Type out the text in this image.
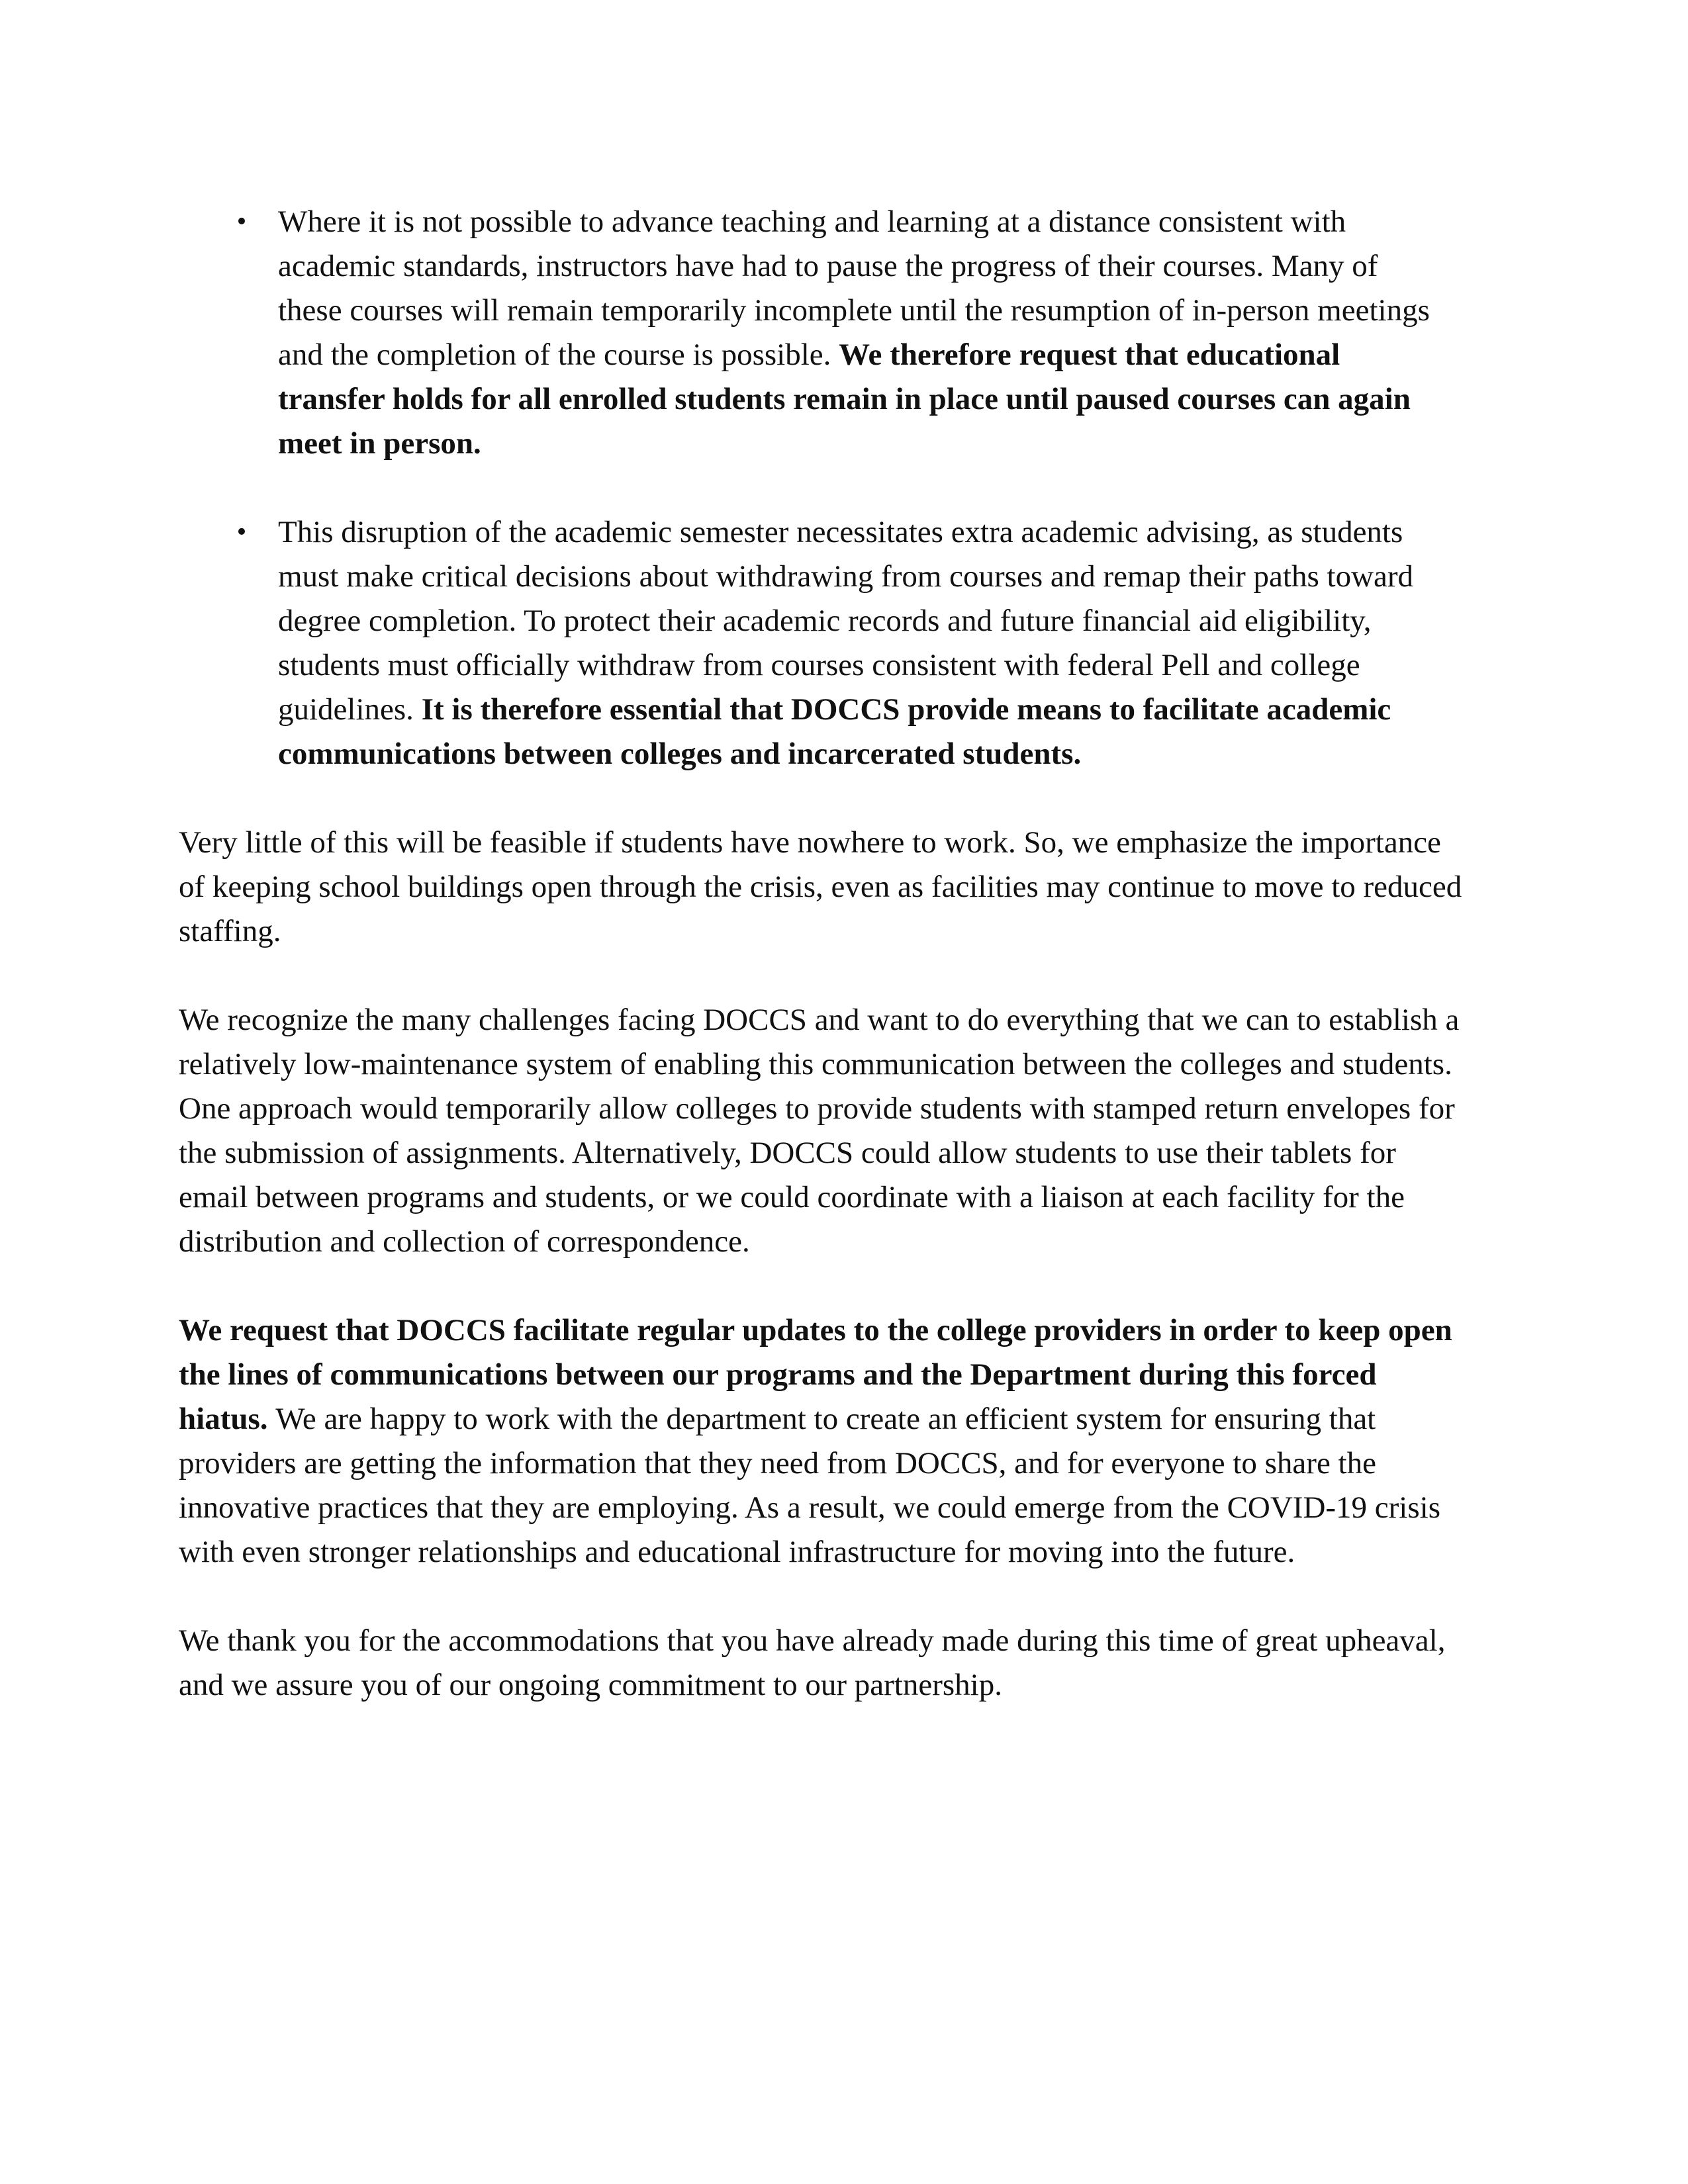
• Where it is not possible to advance teaching and learning at a distance consistent with academic standards, instructors have had to pause the progress of their courses. Many of these courses will remain temporarily incomplete until the resumption of in-person meetings and the completion of the course is possible. We therefore request that educational transfer holds for all enrolled students remain in place until paused courses can again meet in person.
• This disruption of the academic semester necessitates extra academic advising, as students must make critical decisions about withdrawing from courses and remap their paths toward degree completion. To protect their academic records and future financial aid eligibility, students must officially withdraw from courses consistent with federal Pell and college guidelines. It is therefore essential that DOCCS provide means to facilitate academic communications between colleges and incarcerated students.

Very little of this will be feasible if students have nowhere to work. So, we emphasize the importance of keeping school buildings open through the crisis, even as facilities may continue to move to reduced staffing.

We recognize the many challenges facing DOCCS and want to do everything that we can to establish a relatively low-maintenance system of enabling this communication between the colleges and students. One approach would temporarily allow colleges to provide students with stamped return envelopes for the submission of assignments. Alternatively, DOCCS could allow students to use their tablets for email between programs and students, or we could coordinate with a liaison at each facility for the distribution and collection of correspondence.

We request that DOCCS facilitate regular updates to the college providers in order to keep open the lines of communications between our programs and the Department during this forced hiatus. We are happy to work with the department to create an efficient system for ensuring that providers are getting the information that they need from DOCCS, and for everyone to share the innovative practices that they are employing. As a result, we could emerge from the COVID-19 crisis with even stronger relationships and educational infrastructure for moving into the future.

We thank you for the accommodations that you have already made during this time of great upheaval, and we assure you of our ongoing commitment to our partnership.
